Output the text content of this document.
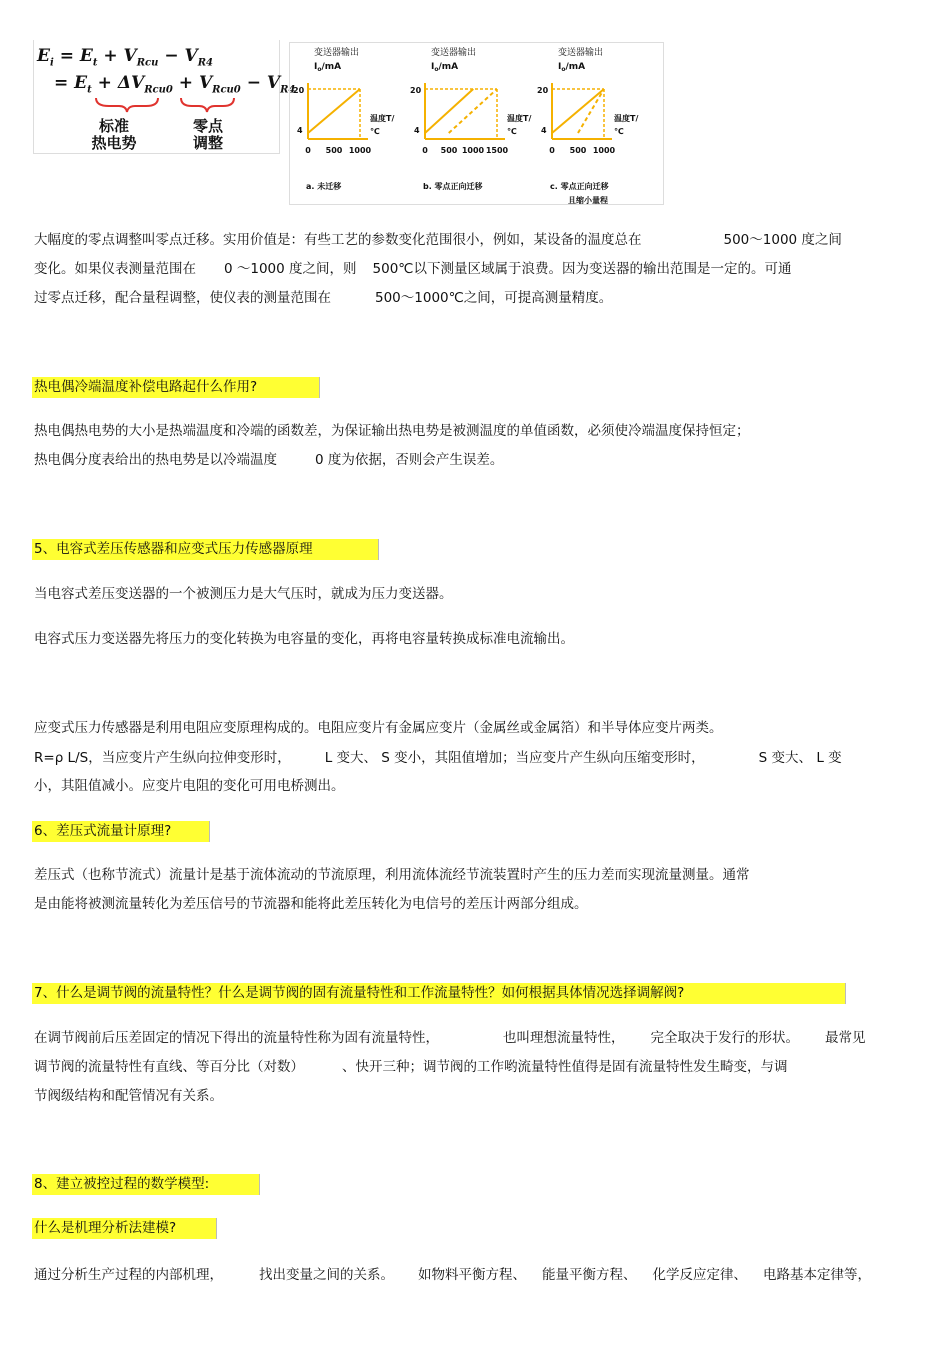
$E_i = E_t + V_{Rcu} - V_{R4}$
= $E_t + \Delta V_{Rcu0} + V_{Rcu0} - V_{R4}$
标准
热电势
零点
调整
变送器输出
$I_o/mA$
20
4
0 500 1000
温度T/
℃
a. 未迁移
变送器输出
$I_o/mA$
20
4
0 500 1000 1500
温度T/
℃
b. 零点正向迁移
变送器输出
$I_o/mA$
20
4
0 500 1000
温度T/
℃
c. 零点正向迁移
且缩小量程
大幅度的零点调整叫零点迁移。实用价值是：有些工艺的参数变化范围很小，例如，某设备的温度总在	500～1000 度之间
变化。如果仪表测量范围在 0 ～1000 度之间，则 500℃以下测量区域属于浪费。因为变送器的输出范围是一定的。可通
过零点迁移，配合量程调整，使仪表的测量范围在	500～1000℃之间，可提高测量精度。
热电偶冷端温度补偿电路起什么作用?
热电偶热电势的大小是热端温度和冷端的函数差，为保证输出热电势是被测温度的单值函数，必须使冷端温度保持恒定；
热电偶分度表给出的热电势是以冷端温度	0 度为依据，否则会产生误差。
5、电容式差压传感器和应变式压力传感器原理
当电容式差压变送器的一个被测压力是大气压时，就成为压力变送器。
电容式压力变送器先将压力的变化转换为电容量的变化，再将电容量转换成标准电流输出。
应变式压力传感器是利用电阻应变原理构成的。电阻应变片有金属应变片（金属丝或金属箔）和半导体应变片两类。
R=ρ L/S，当应变片产生纵向拉伸变形时，	L 变大、 S 变小，其阻值增加；当应变片产生纵向压缩变形时，	S 变大、 L 变
小，其阻值减小。应变片电阻的变化可用电桥测出。
6、差压式流量计原理?
差压式（也称节流式）流量计是基于流体流动的节流原理，利用流体流经节流装置时产生的压力差而实现流量测量。通常
是由能将被测流量转化为差压信号的节流器和能将此差压转化为电信号的差压计两部分组成。
7、什么是调节阀的流量特性？什么是调节阀的固有流量特性和工作流量特性？如何根据具体情况选择调解阀?
在调节阀前后压差固定的情况下得出的流量特性称为固有流量特性，	也叫理想流量特性， 完全取决于发行的形状。 最常见
调节阀的流量特性有直线、等百分比（对数）	、快开三种；调节阀的工作哟流量特性值得是固有流量特性发生畸变，与调
节阀级结构和配管情况有关系。
8、建立被控过程的数学模型:
什么是机理分析法建模?
通过分析生产过程的内部机理，	找出变量之间的关系。 如物料平衡方程、 能量平衡方程、 化学反应定律、 电路基本定律等，
